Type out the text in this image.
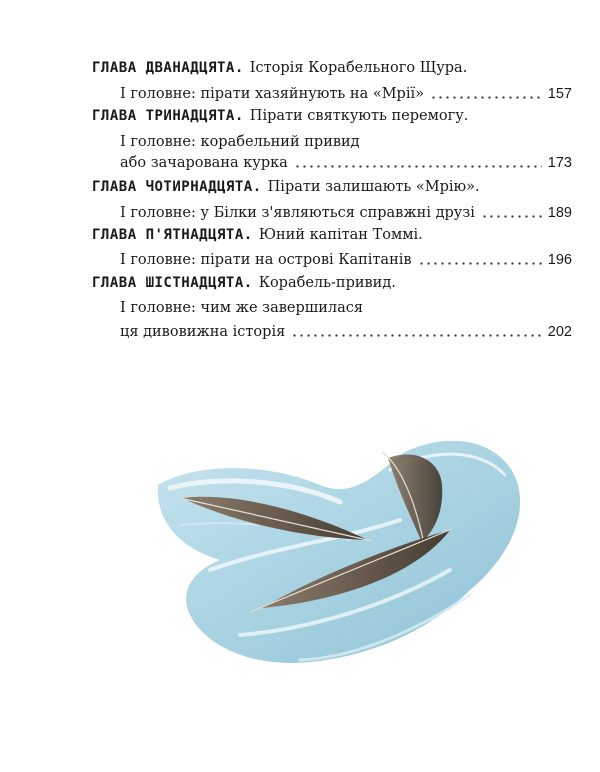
ГЛАВА ДВАНАДЦЯТА. Історія Корабельного Щура.
І головне: пірати хазяйнують на «Мрії»	157
ГЛАВА ТРИНАДЦЯТА. Пірати святкують перемогу.
І головне: корабельний привид
або зачарована курка	173
ГЛАВА ЧОТИРНАДЦЯТА. Пірати залишають «Мрію».
І головне: у Білки з'являються справжні друзі	189
ГЛАВА П'ЯТНАДЦЯТА. Юний капітан Томмі.
І головне: пірати на острові Капітанів	196
ГЛАВА ШІСТНАДЦЯТА. Корабель-привид.
І головне: чим же завершилася
ця дивовижна історія	202
